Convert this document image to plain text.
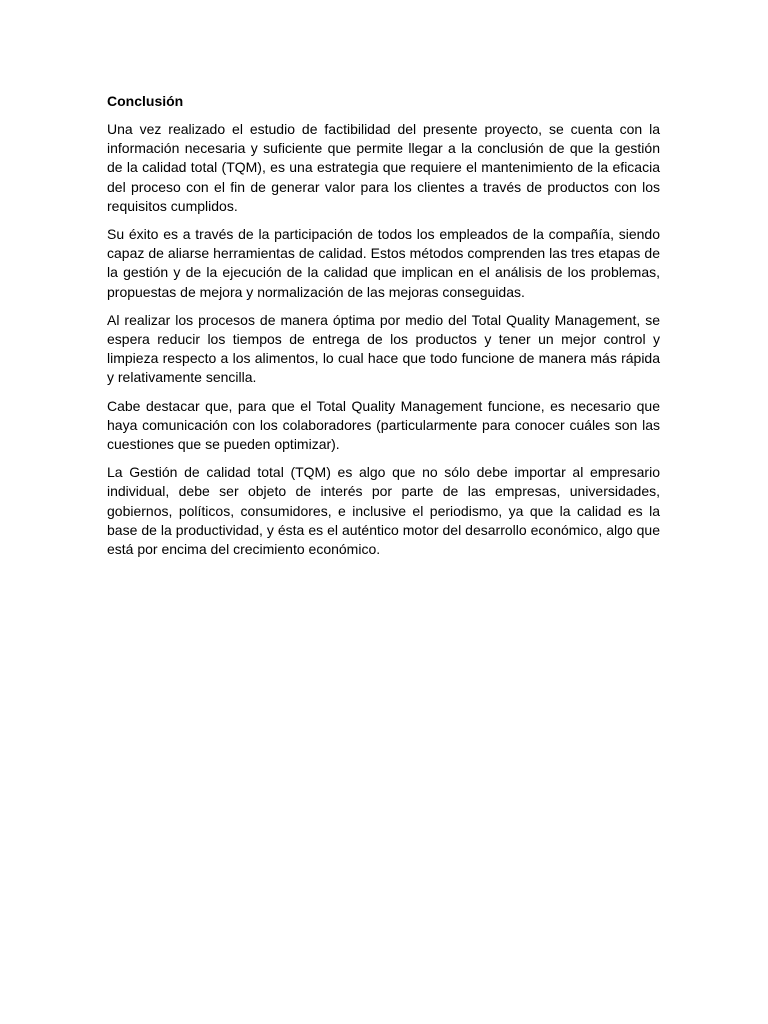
Conclusión

Una vez realizado el estudio de factibilidad del presente proyecto, se cuenta con la información necesaria y suficiente que permite llegar a la conclusión de que la gestión de la calidad total (TQM), es una estrategia que requiere el mantenimiento de la eficacia del proceso con el fin de generar valor para los clientes a través de productos con los requisitos cumplidos.

Su éxito es a través de la participación de todos los empleados de la compañía, siendo capaz de aliarse herramientas de calidad. Estos métodos comprenden las tres etapas de la gestión y de la ejecución de la calidad que implican en el análisis de los problemas, propuestas de mejora y normalización de las mejoras conseguidas.

Al realizar los procesos de manera óptima por medio del Total Quality Management, se espera reducir los tiempos de entrega de los productos y tener un mejor control y limpieza respecto a los alimentos, lo cual hace que todo funcione de manera más rápida y relativamente sencilla.

Cabe destacar que, para que el Total Quality Management funcione, es necesario que haya comunicación con los colaboradores (particularmente para conocer cuáles son las cuestiones que se pueden optimizar).

La Gestión de calidad total (TQM) es algo que no sólo debe importar al empresario individual, debe ser objeto de interés por parte de las empresas, universidades, gobiernos, políticos, consumidores, e inclusive el periodismo, ya que la calidad es la base de la productividad, y ésta es el auténtico motor del desarrollo económico, algo que está por encima del crecimiento económico.
